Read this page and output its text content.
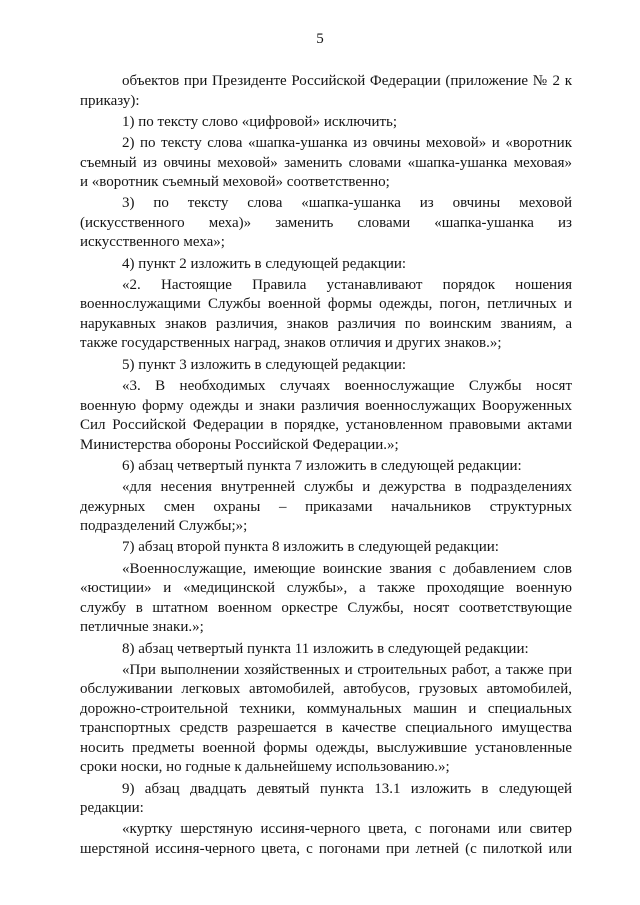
5
объектов при Президенте Российской Федерации (приложение № 2 к
приказу):
1) по тексту слово «цифровой» исключить;
2) по тексту слова «шапка-ушанка из овчины меховой» и «воротник
съемный из овчины меховой» заменить словами «шапка-ушанка меховая»
и «воротник съемный меховой» соответственно;
3) по тексту слова «шапка-ушанка из овчины меховой
(искусственного меха)» заменить словами «шапка-ушанка из
искусственного меха»;
4) пункт 2 изложить в следующей редакции:
«2. Настоящие Правила устанавливают порядок ношения
военнослужащими Службы военной формы одежды, погон, петличных и
нарукавных знаков различия, знаков различия по воинским званиям, а
также государственных наград, знаков отличия и других знаков.»;
5) пункт 3 изложить в следующей редакции:
«3. В необходимых случаях военнослужащие Службы носят
военную форму одежды и знаки различия военнослужащих Вооруженных
Сил Российской Федерации в порядке, установленном правовыми актами
Министерства обороны Российской Федерации.»;
6) абзац четвертый пункта 7 изложить в следующей редакции:
«для несения внутренней службы и дежурства в подразделениях
дежурных смен охраны – приказами начальников структурных
подразделений Службы;»;
7) абзац второй пункта 8 изложить в следующей редакции:
«Военнослужащие, имеющие воинские звания с добавлением слов
«юстиции» и «медицинской службы», а также проходящие военную
службу в штатном военном оркестре Службы, носят соответствующие
петличные знаки.»;
8) абзац четвертый пункта 11 изложить в следующей редакции:
«При выполнении хозяйственных и строительных работ, а также при
обслуживании легковых автомобилей, автобусов, грузовых автомобилей,
дорожно-строительной техники, коммунальных машин и специальных
транспортных средств разрешается в качестве специального имущества
носить предметы военной формы одежды, выслужившие установленные
сроки носки, но годные к дальнейшему использованию.»;
9) абзац двадцать девятый пункта 13.1 изложить в следующей
редакции:
«куртку шерстяную иссиня-черного цвета, с погонами или свитер
шерстяной иссиня-черного цвета, с погонами при летней (с пилоткой или
